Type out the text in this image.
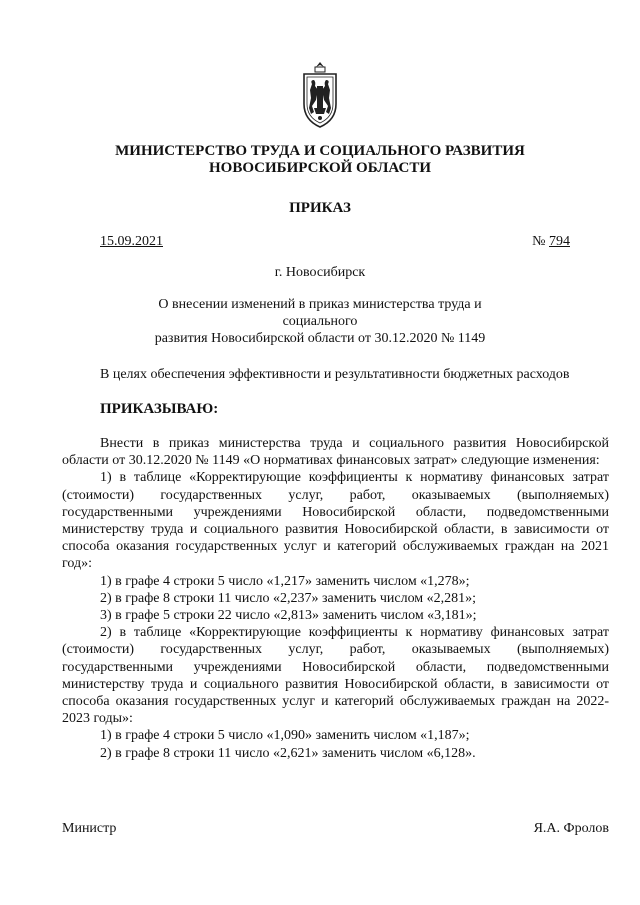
МИНИСТЕРСТВО ТРУДА И СОЦИАЛЬНОГО РАЗВИТИЯ
НОВОСИБИРСКОЙ ОБЛАСТИ
ПРИКАЗ
15.09.2021	№ 794
г. Новосибирск
О внесении изменений в приказ министерства труда и социального
развития Новосибирской области от 30.12.2020 № 1149
В целях обеспечения эффективности и результативности бюджетных расходов
ПРИКАЗЫВАЮ:

Внести в приказ министерства труда и социального развития Новосибирской области от 30.12.2020 № 1149 «О нормативах финансовых затрат» следующие изменения:

1) в таблице «Корректирующие коэффициенты к нормативу финансовых затрат (стоимости) государственных услуг, работ, оказываемых (выполняемых) государственными учреждениями Новосибирской области, подведомственными министерству труда и социального развития Новосибирской области, в зависимости от способа оказания государственных услуг и категорий обслуживаемых граждан на 2021 год»:

1) в графе 4 строки 5 число «1,217» заменить числом «1,278»;

2) в графе 8 строки 11 число «2,237» заменить числом «2,281»;

3) в графе 5 строки 22 число «2,813» заменить числом «3,181»;

2) в таблице «Корректирующие коэффициенты к нормативу финансовых затрат (стоимости) государственных услуг, работ, оказываемых (выполняемых) государственными учреждениями Новосибирской области, подведомственными министерству труда и социального развития Новосибирской области, в зависимости от способа оказания государственных услуг и категорий обслуживаемых граждан на 2022-2023 годы»:

1) в графе 4 строки 5 число «1,090» заменить числом «1,187»;

2) в графе 8 строки 11 число «2,621» заменить числом «6,128».

Министр	Я.А. Фролов
